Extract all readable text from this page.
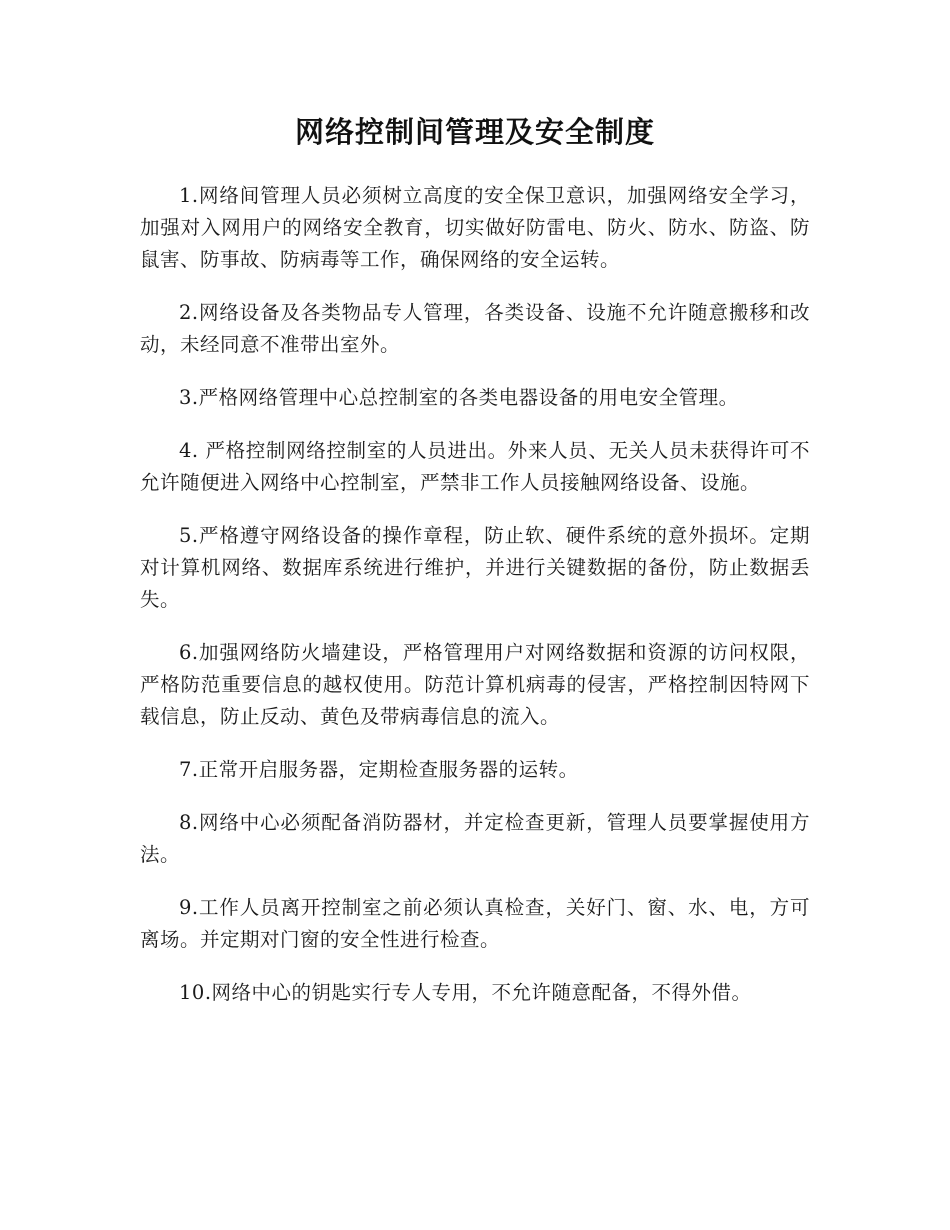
网络控制间管理及安全制度

1.网络间管理人员必须树立高度的安全保卫意识，加强网络安全学习，加强对入网用户的网络安全教育，切实做好防雷电、防火、防水、防盗、防鼠害、防事故、防病毒等工作，确保网络的安全运转。

2.网络设备及各类物品专人管理，各类设备、设施不允许随意搬移和改动，未经同意不准带出室外。

3.严格网络管理中心总控制室的各类电器设备的用电安全管理。

4. 严格控制网络控制室的人员进出。外来人员、无关人员未获得许可不允许随便进入网络中心控制室，严禁非工作人员接触网络设备、设施。

5.严格遵守网络设备的操作章程，防止软、硬件系统的意外损坏。定期对计算机网络、数据库系统进行维护，并进行关键数据的备份，防止数据丢失。

6.加强网络防火墙建设，严格管理用户对网络数据和资源的访问权限，严格防范重要信息的越权使用。防范计算机病毒的侵害，严格控制因特网下载信息，防止反动、黄色及带病毒信息的流入。

7.正常开启服务器，定期检查服务器的运转。

8.网络中心必须配备消防器材，并定检查更新，管理人员要掌握使用方法。

9.工作人员离开控制室之前必须认真检查，关好门、窗、水、电，方可离场。并定期对门窗的安全性进行检查。

10.网络中心的钥匙实行专人专用，不允许随意配备，不得外借。
